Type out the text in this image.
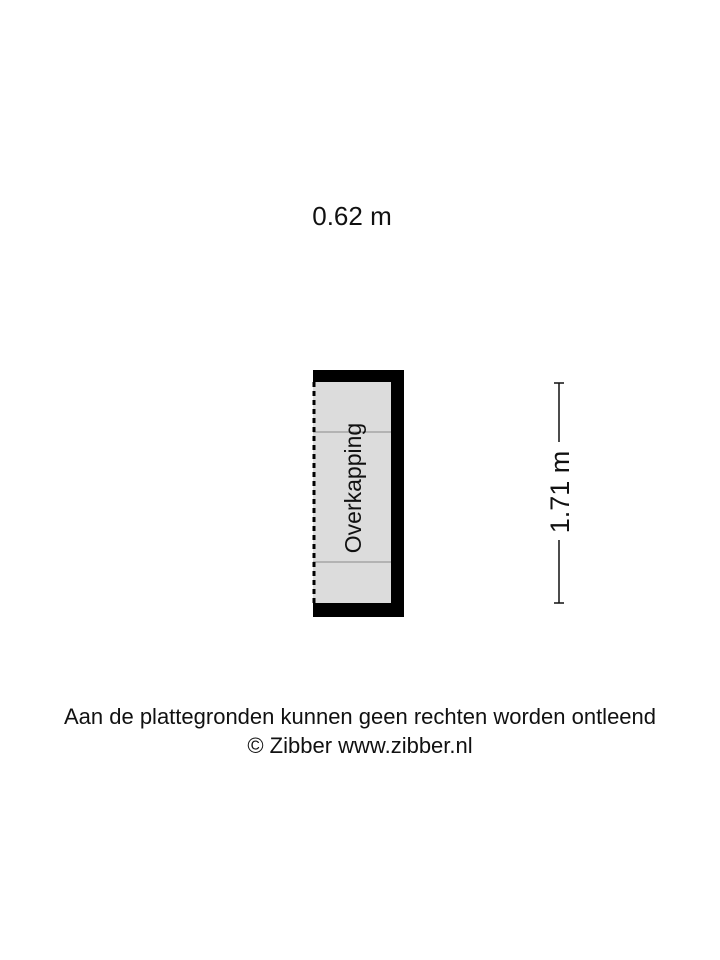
0.62 m
Overkapping	1.71 m
Aan de plattegronden kunnen geen rechten worden ontleend
© Zibber www.zibber.nl
